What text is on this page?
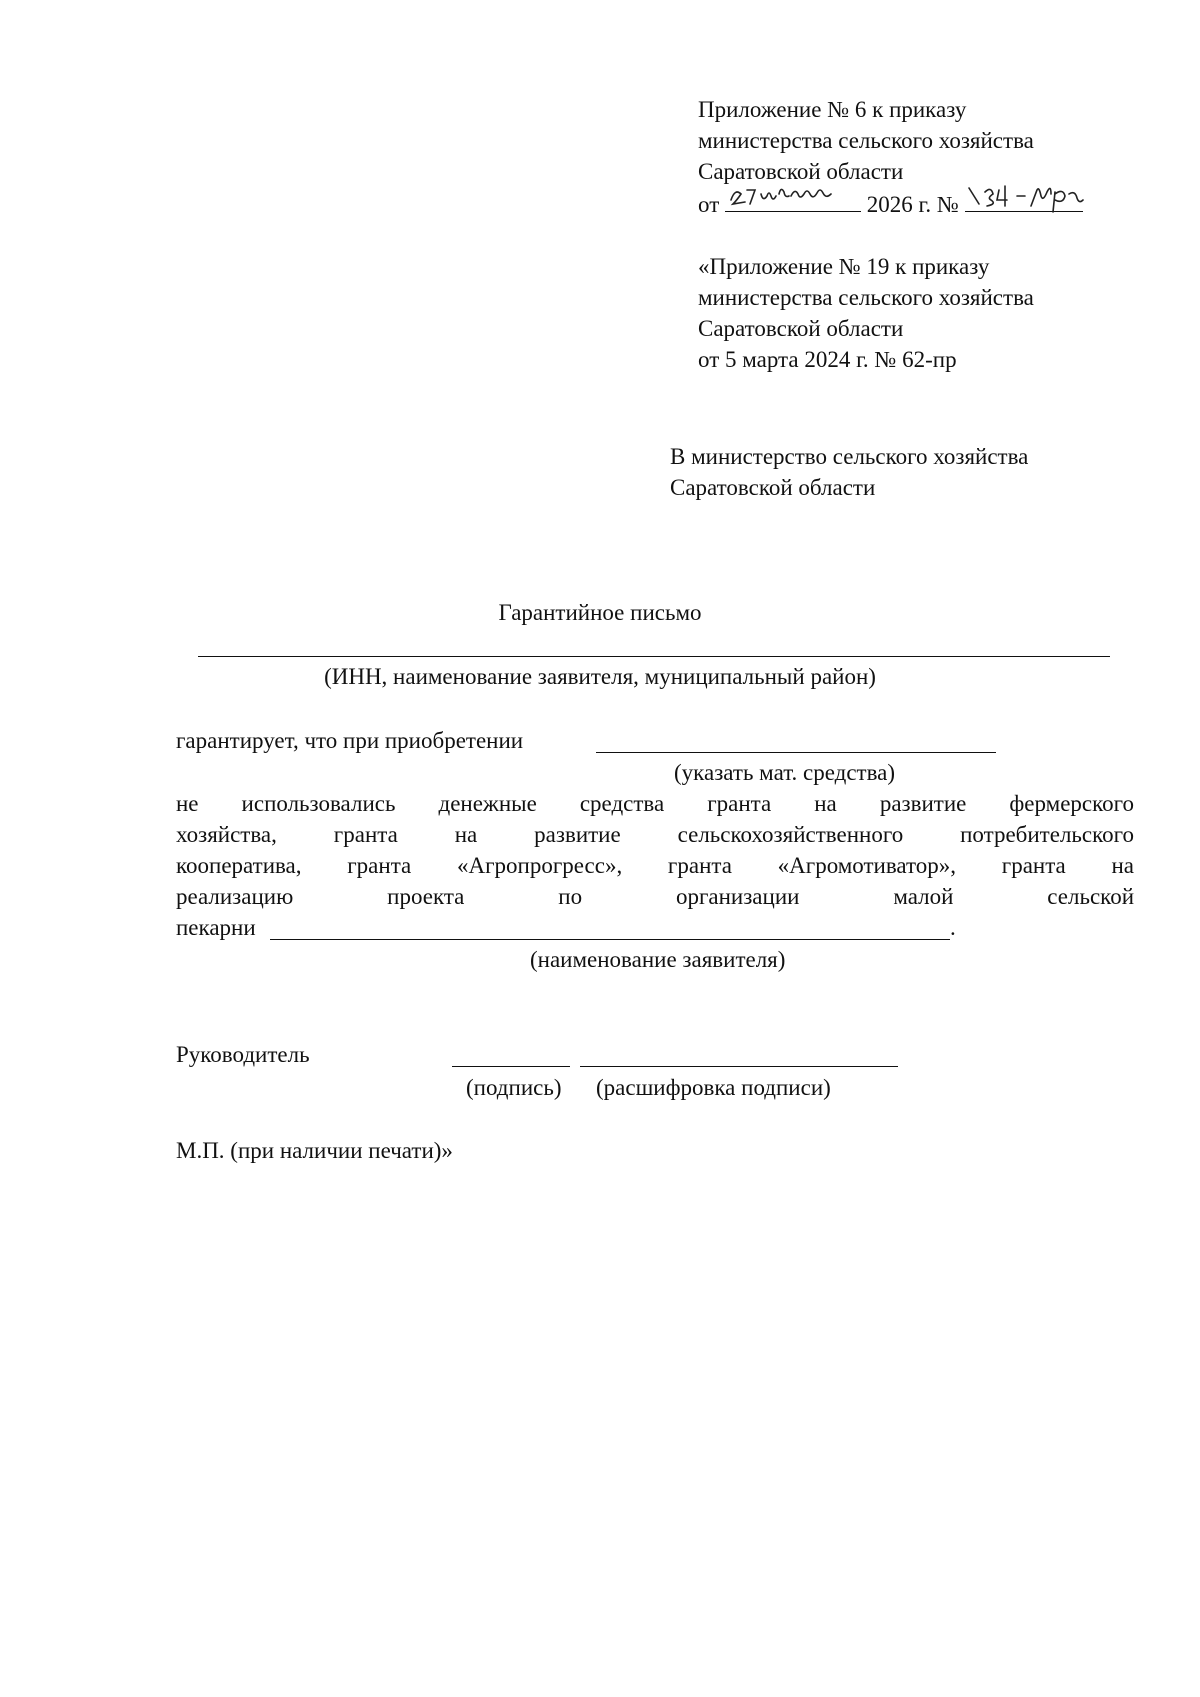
Приложение № 6 к приказу
министерства сельского хозяйства
Саратовской области
от	2026 г. №
«Приложение № 19 к приказу
министерства сельского хозяйства
Саратовской области
от 5 марта 2024 г. № 62-пр
В министерство сельского хозяйства
Саратовской области
Гарантийное письмо
(ИНН, наименование заявителя, муниципальный район)
гарантирует, что при приобретении
(указать мат. средства)
не использовались денежные средства гранта на развитие фермерского
хозяйства, гранта на развитие сельскохозяйственного потребительского
кооператива, гранта «Агропрогресс», гранта «Агромотиватор», гранта на
реализацию проекта по организации малой сельской
пекарни	.
(наименование заявителя)
Руководитель
(подпись) (расшифровка подписи)
М.П. (при наличии печати)»
